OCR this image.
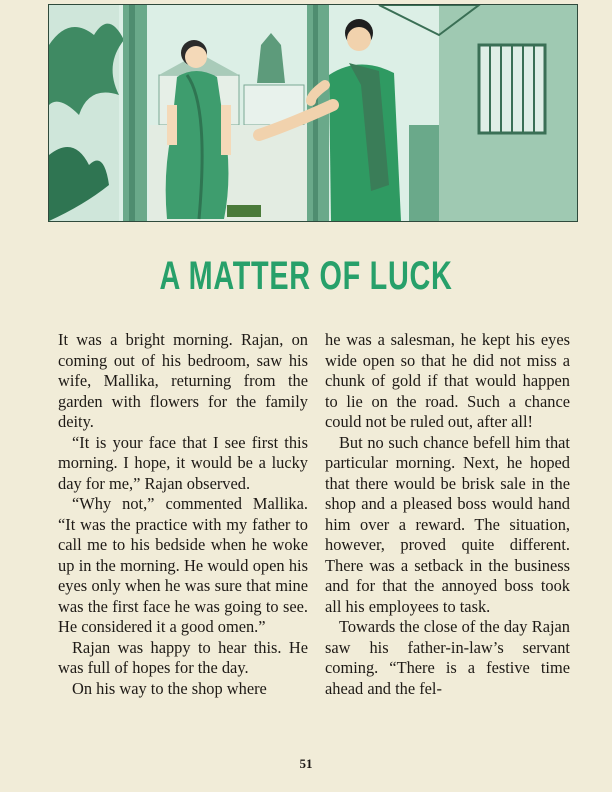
A MATTER OF LUCK

It was a bright morning. Rajan, on coming out of his bedroom, saw his wife, Mallika, returning from the garden with flowers for the family deity.

“It is your face that I see first this morning. I hope, it would be a lucky day for me,” Rajan observed.

“Why not,” commented Mallika. “It was the practice with my father to call me to his bedside when he woke up in the morning. He would open his eyes only when he was sure that mine was the first face he was going to see. He considered it a good omen.”

Rajan was happy to hear this. He was full of hopes for the day.

On his way to the shop where

he was a salesman, he kept his eyes wide open so that he did not miss a chunk of gold if that would happen to lie on the road. Such a chance could not be ruled out, after all!

But no such chance befell him that particular morning. Next, he hoped that there would be brisk sale in the shop and a pleased boss would hand him over a reward. The situation, however, proved quite different. There was a setback in the business and for that the annoyed boss took all his employees to task.

Towards the close of the day Rajan saw his father-in-law’s servant coming. “There is a festive time ahead and the fel-

51
